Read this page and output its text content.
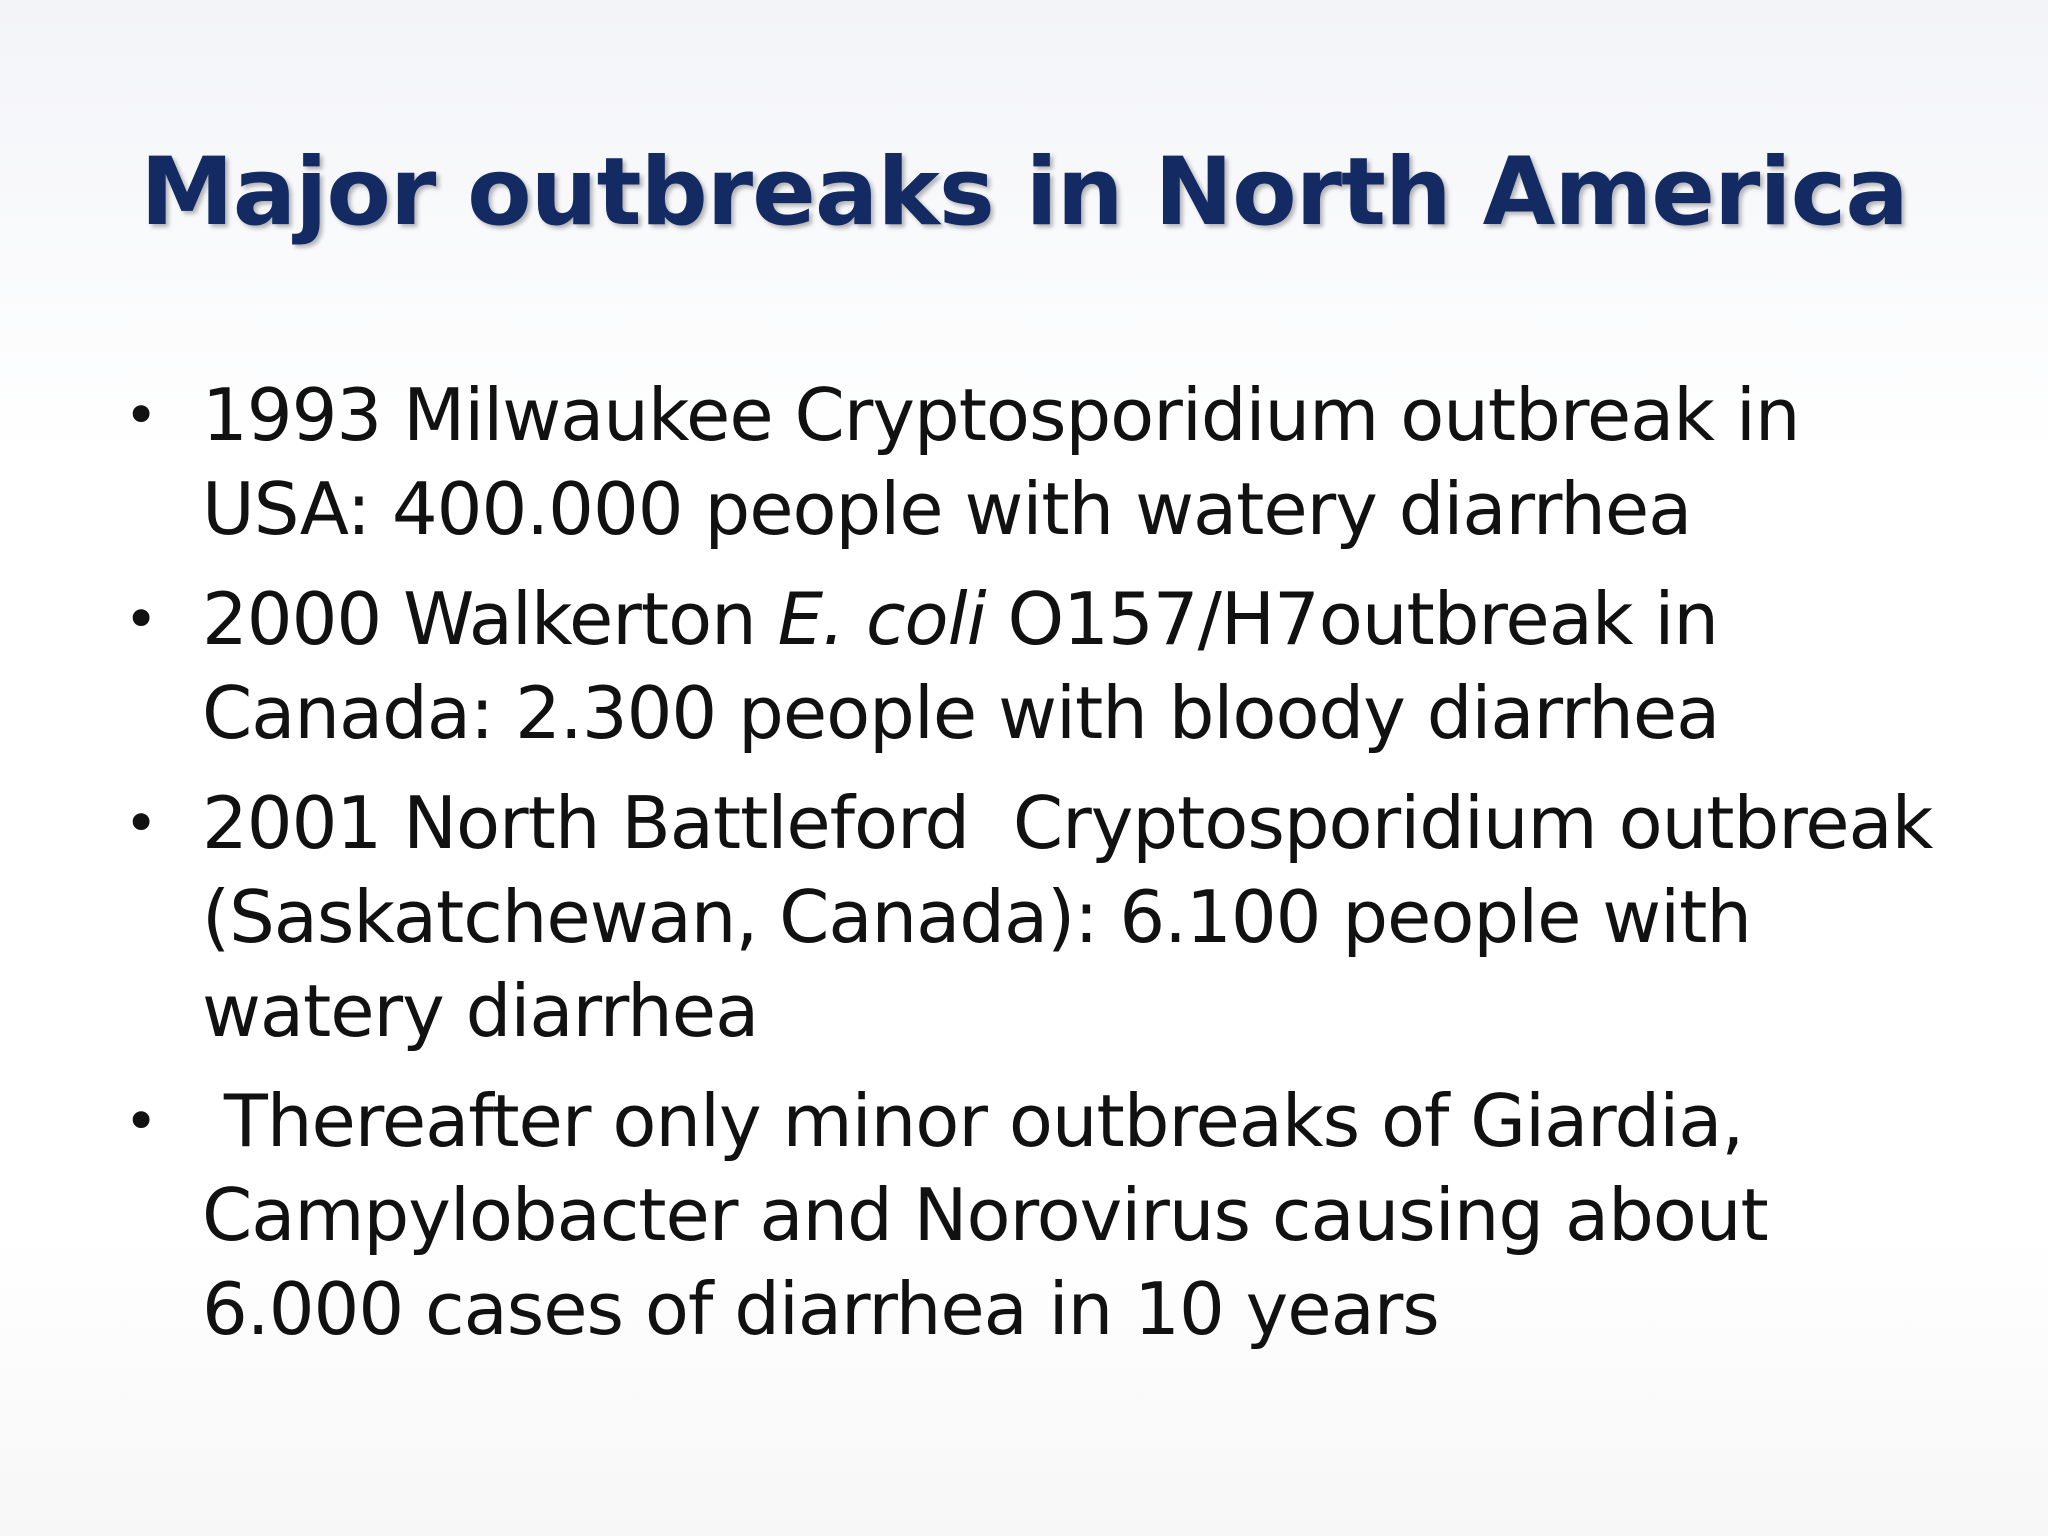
Major outbreaks in North America
• 1993 Milwaukee Cryptosporidium outbreak in USA: 400.000 people with watery diarrhea
• 2000 Walkerton E. coli O157/H7outbreak in Canada: 2.300 people with bloody diarrhea
• 2001 North Battleford  Cryptosporidium outbreak (Saskatchewan, Canada): 6.100 people with watery diarrhea
• Thereafter only minor outbreaks of Giardia, Campylobacter and Norovirus causing about 6.000 cases of diarrhea in 10 years
